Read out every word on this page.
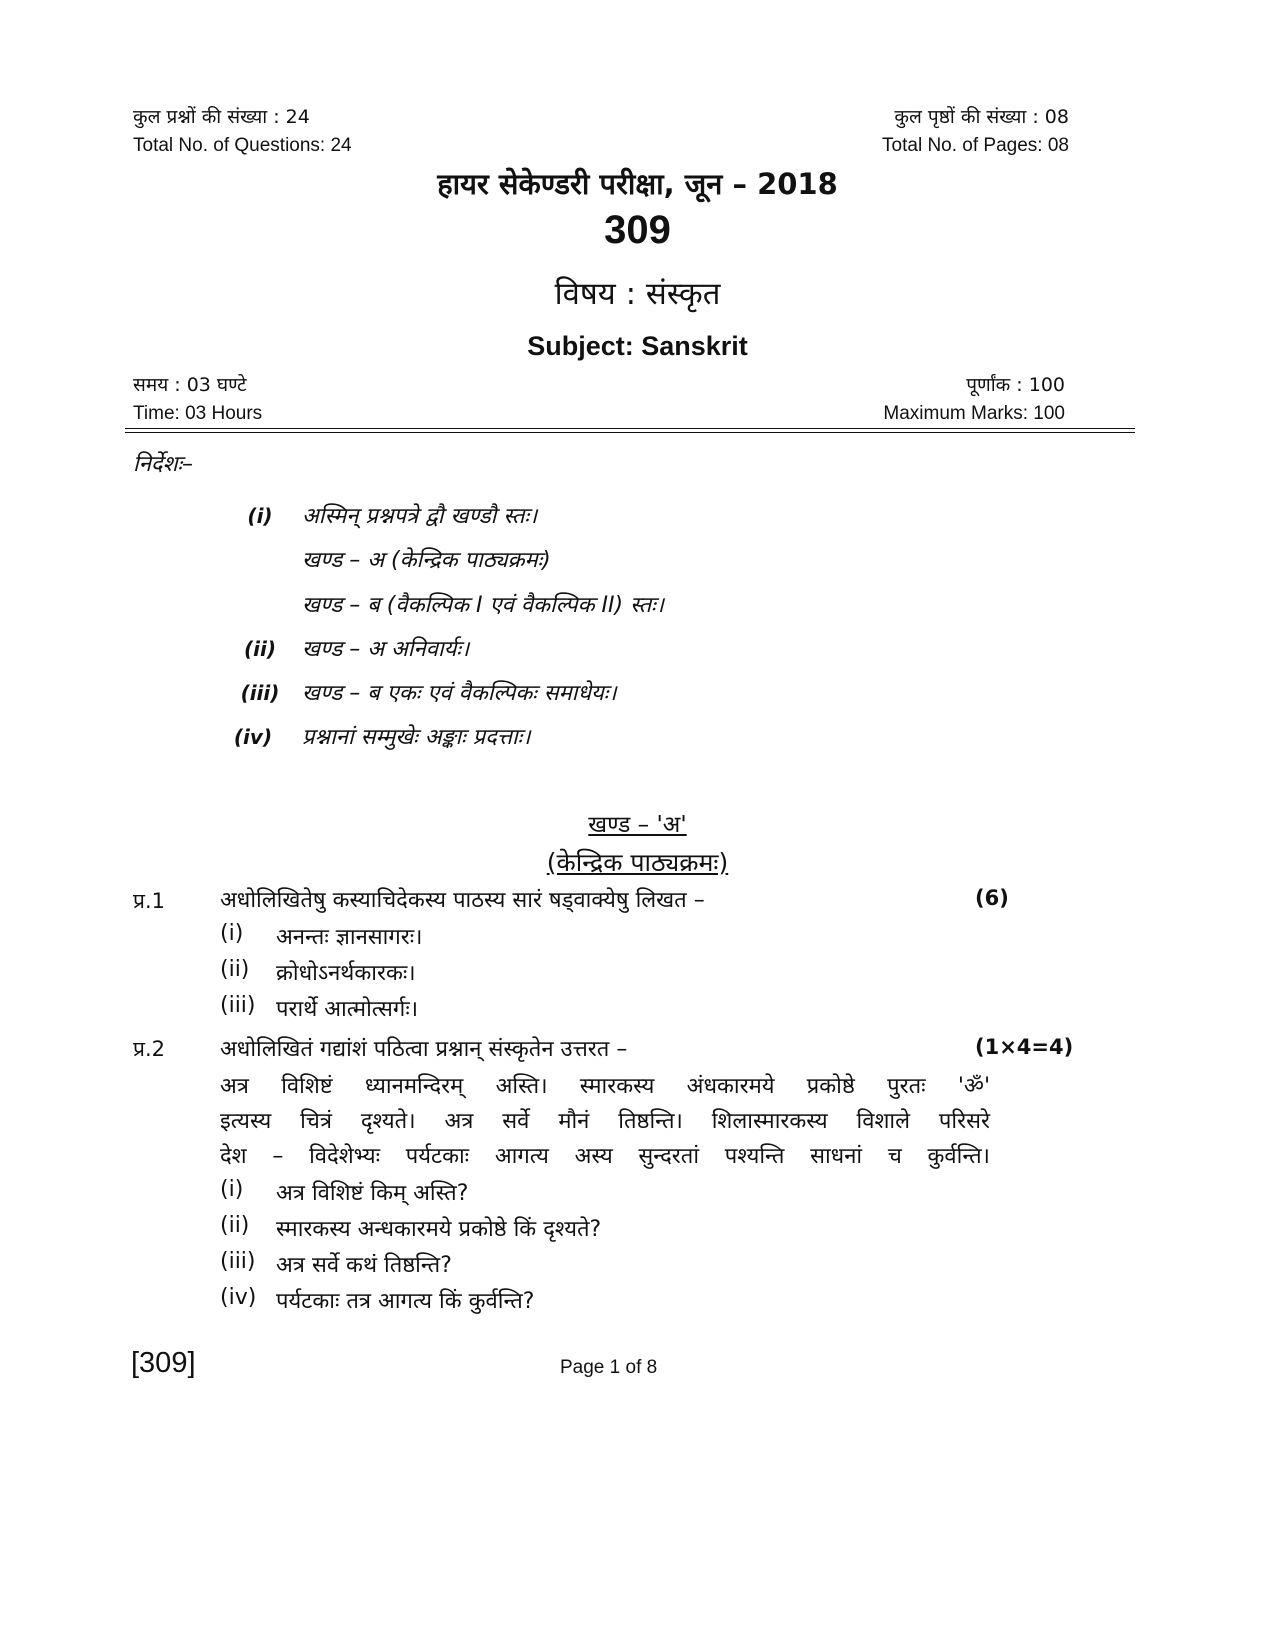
कुल प्रश्नों की संख्या : 24
Total No. of Questions: 24
कुल पृष्ठों की संख्या : 08
Total No. of Pages: 08
हायर सेकेण्डरी परीक्षा, जून – 2018
309
विषय : संस्कृत
Subject: Sanskrit
समय : 03 घण्टे
Time: 03 Hours
पूर्णांक : 100
Maximum Marks: 100
निर्देशः–
(i)	अस्मिन् प्रश्नपत्रे द्वौ खण्डौ स्तः।
खण्ड – अ (केन्द्रिक पाठ्यक्रमः)
खण्ड – ब (वैकल्पिक I एवं वैकल्पिक II) स्तः।
(ii)	खण्ड – अ अनिवार्यः।
(iii)	खण्ड – ब एकः एवं वैकल्पिकः समाधेयः।
(iv)	प्रश्नानां सम्मुखेः अङ्काः प्रदत्ताः।
खण्ड – 'अ'
(केन्द्रिक पाठ्यक्रमः)
प्र.1	अधोलिखितेषु कस्याचिदेकस्य पाठस्य सारं षड्वाक्येषु लिखत –	(6)
(i) अनन्तः ज्ञानसागरः।
(ii) क्रोधोऽनर्थकारकः।
(iii) परार्थे आत्मोत्सर्गः।
प्र.2	अधोलिखितं गद्यांशं पठित्वा प्रश्नान् संस्कृतेन उत्तरत –	(1×4=4)
अत्र विशिष्टं ध्यानमन्दिरम् अस्ति। स्मारकस्य अंधकारमये प्रकोष्ठे पुरतः 'ॐ'
इत्यस्य चित्रं दृश्यते। अत्र सर्वे मौनं तिष्ठन्ति। शिलास्मारकस्य विशाले परिसरे
देश – विदेशेभ्यः पर्यटकाः आगत्य अस्य सुन्दरतां पश्यन्ति साधनां च कुर्वन्ति।
(i) अत्र विशिष्टं किम् अस्ति?
(ii) स्मारकस्य अन्धकारमये प्रकोष्ठे किं दृश्यते?
(iii) अत्र सर्वे कथं तिष्ठन्ति?
(iv) पर्यटकाः तत्र आगत्य किं कुर्वन्ति?
[309]	Page 1 of 8
